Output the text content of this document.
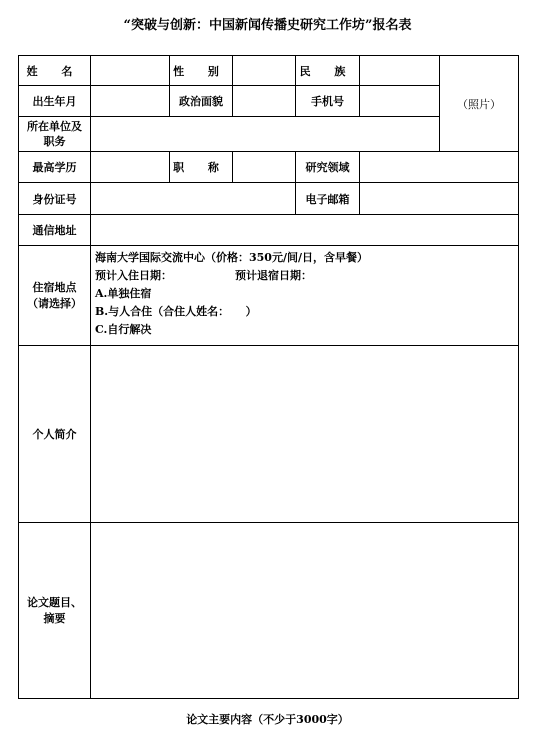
“突破与创新：中国新闻传播史研究工作坊”报名表
姓 名		性 别		民 族		（照片）
出生年月		政治面貌		手机号		
所在单位及职务						
最高学历		职 称		研究领域		
身份证号				电子邮箱		
通信地址						
住宿地点（请选择）	海南大学国际交流中心（价格：350元/间/日，含早餐）
预计入住日期： 预计退宿日期：
A.单独住宿
B.与人合住（合住人姓名：　　）
C.自行解决					

个人简介						
论文题目、摘要						
论文主要内容（不少于3000字）
